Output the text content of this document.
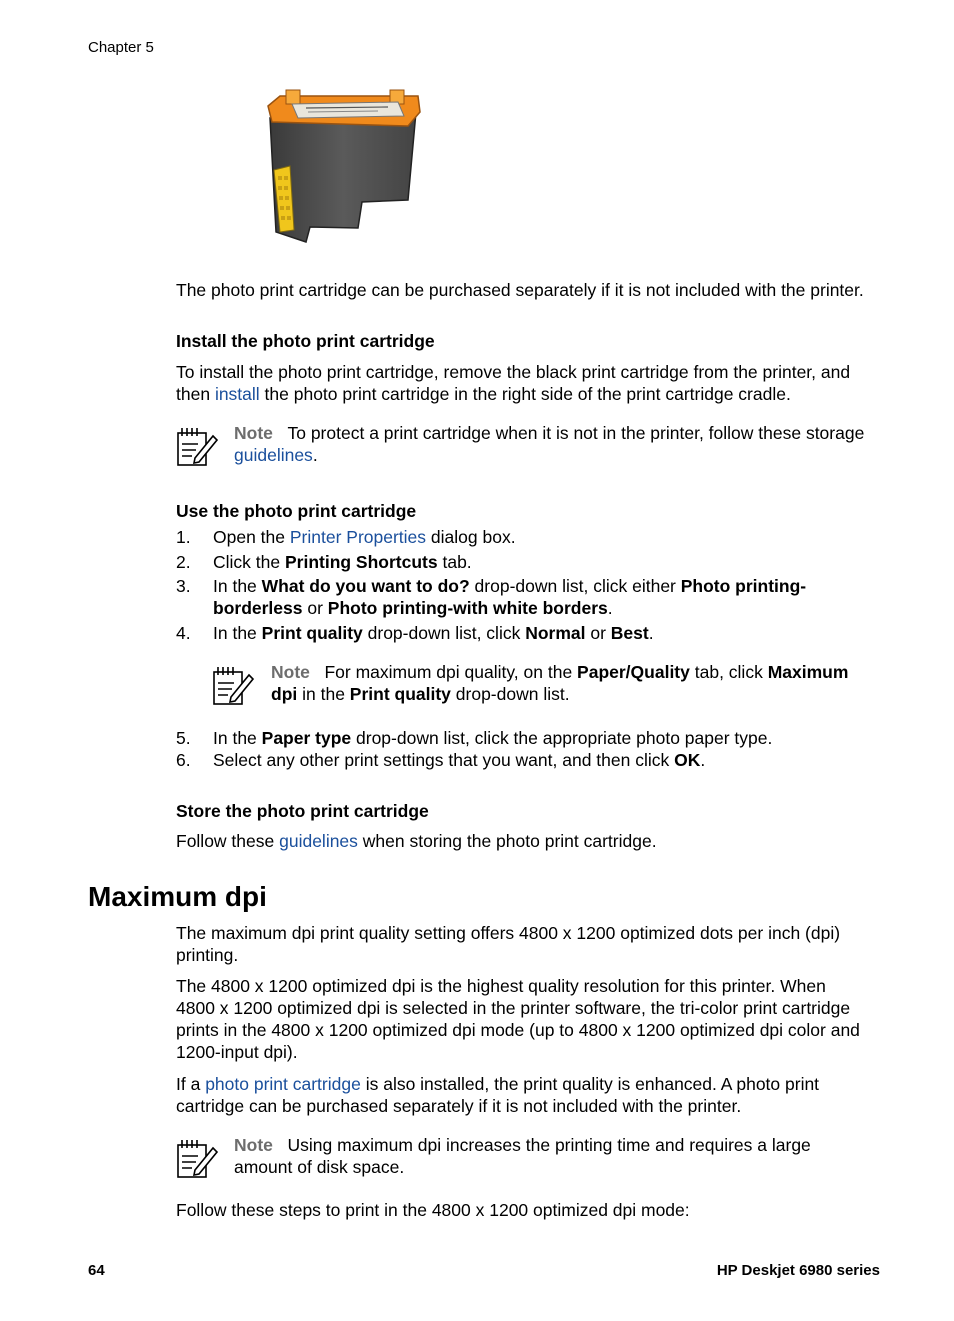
Chapter 5
The photo print cartridge can be purchased separately if it is not included with the printer.
Install the photo print cartridge
To install the photo print cartridge, remove the black print cartridge from the printer, and
then install the photo print cartridge in the right side of the print cartridge cradle.
Note To protect a print cartridge when it is not in the printer, follow these storage
guidelines.
Use the photo print cartridge
1. Open the Printer Properties dialog box.
2. Click the Printing Shortcuts tab.
3. In the What do you want to do? drop-down list, click either Photo printing-
borderless or Photo printing-with white borders.
4. In the Print quality drop-down list, click Normal or Best.
Note For maximum dpi quality, on the Paper/Quality tab, click Maximum
dpi in the Print quality drop-down list.
5. In the Paper type drop-down list, click the appropriate photo paper type.
6. Select any other print settings that you want, and then click OK.
Store the photo print cartridge
Follow these guidelines when storing the photo print cartridge.
Maximum dpi
The maximum dpi print quality setting offers 4800 x 1200 optimized dots per inch (dpi)
printing.
The 4800 x 1200 optimized dpi is the highest quality resolution for this printer. When
4800 x 1200 optimized dpi is selected in the printer software, the tri-color print cartridge
prints in the 4800 x 1200 optimized dpi mode (up to 4800 x 1200 optimized dpi color and
1200-input dpi).
If a photo print cartridge is also installed, the print quality is enhanced. A photo print
cartridge can be purchased separately if it is not included with the printer.
Note Using maximum dpi increases the printing time and requires a large
amount of disk space.
Follow these steps to print in the 4800 x 1200 optimized dpi mode:
64	HP Deskjet 6980 series
